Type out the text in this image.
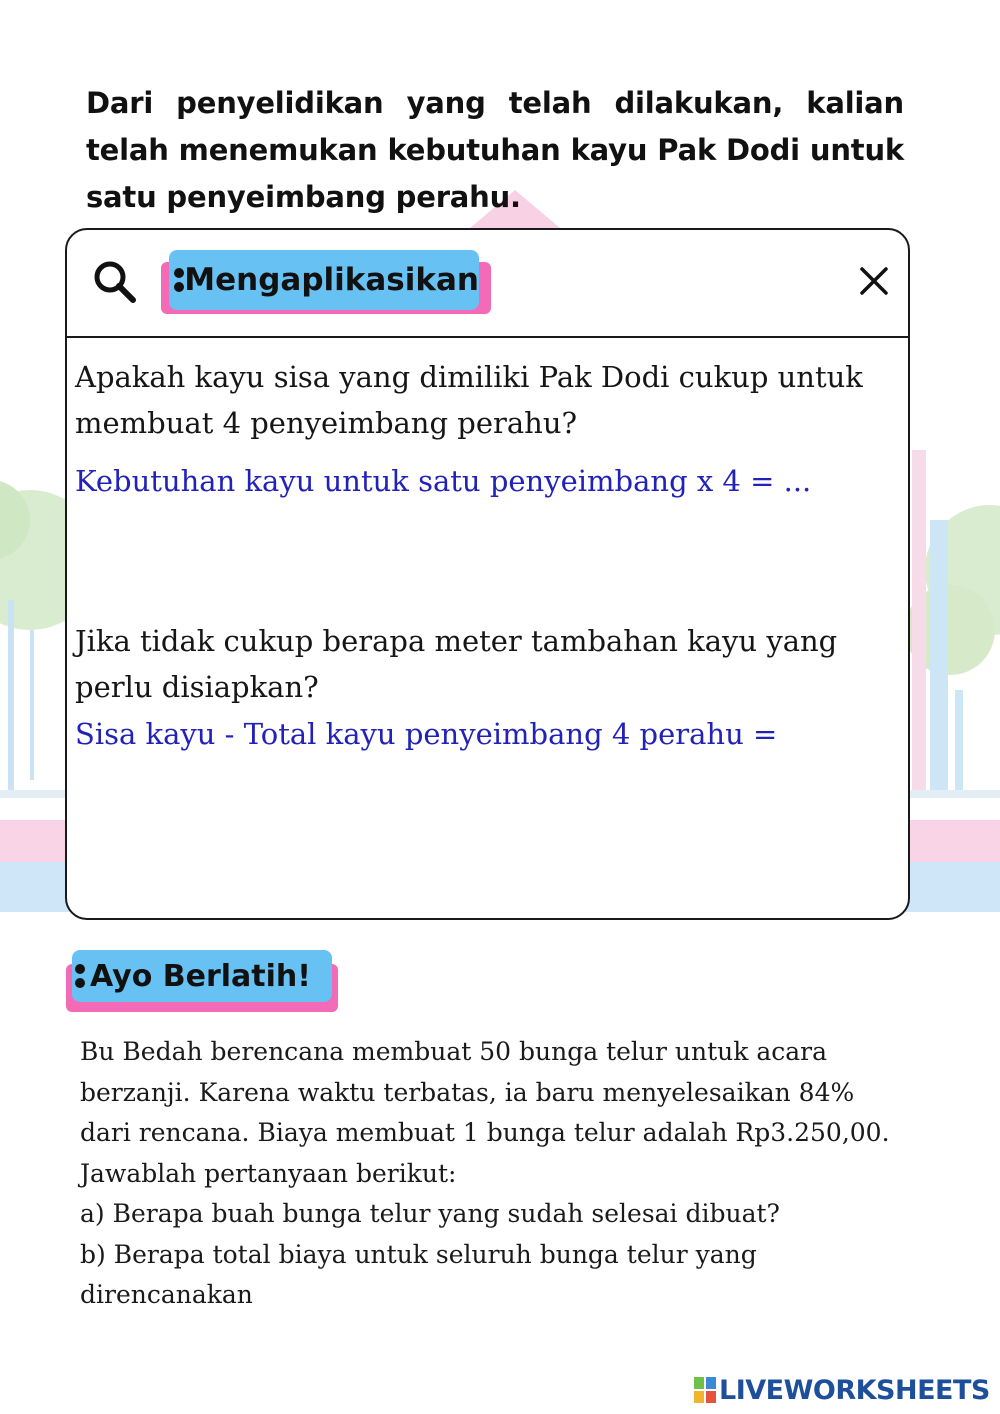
Dari penyelidikan yang telah dilakukan, kalian telah menemukan kebutuhan kayu Pak Dodi untuk satu penyeimbang perahu.

Mengaplikasikan

Apakah kayu sisa yang dimiliki Pak Dodi cukup untuk membuat 4 penyeimbang perahu?

Kebutuhan kayu untuk satu penyeimbang x 4 = ...

Jika tidak cukup berapa meter tambahan kayu yang perlu disiapkan?

Sisa kayu - Total kayu penyeimbang 4 perahu =

Ayo Berlatih!

Bu Bedah berencana membuat 50 bunga telur untuk acara

berzanji. Karena waktu terbatas, ia baru menyelesaikan 84%

dari rencana. Biaya membuat 1 bunga telur adalah Rp3.250,00.

Jawablah pertanyaan berikut:

a) Berapa buah bunga telur yang sudah selesai dibuat?

b) Berapa total biaya untuk seluruh bunga telur yang

direncanakan

LIVEWORKSHEETS
